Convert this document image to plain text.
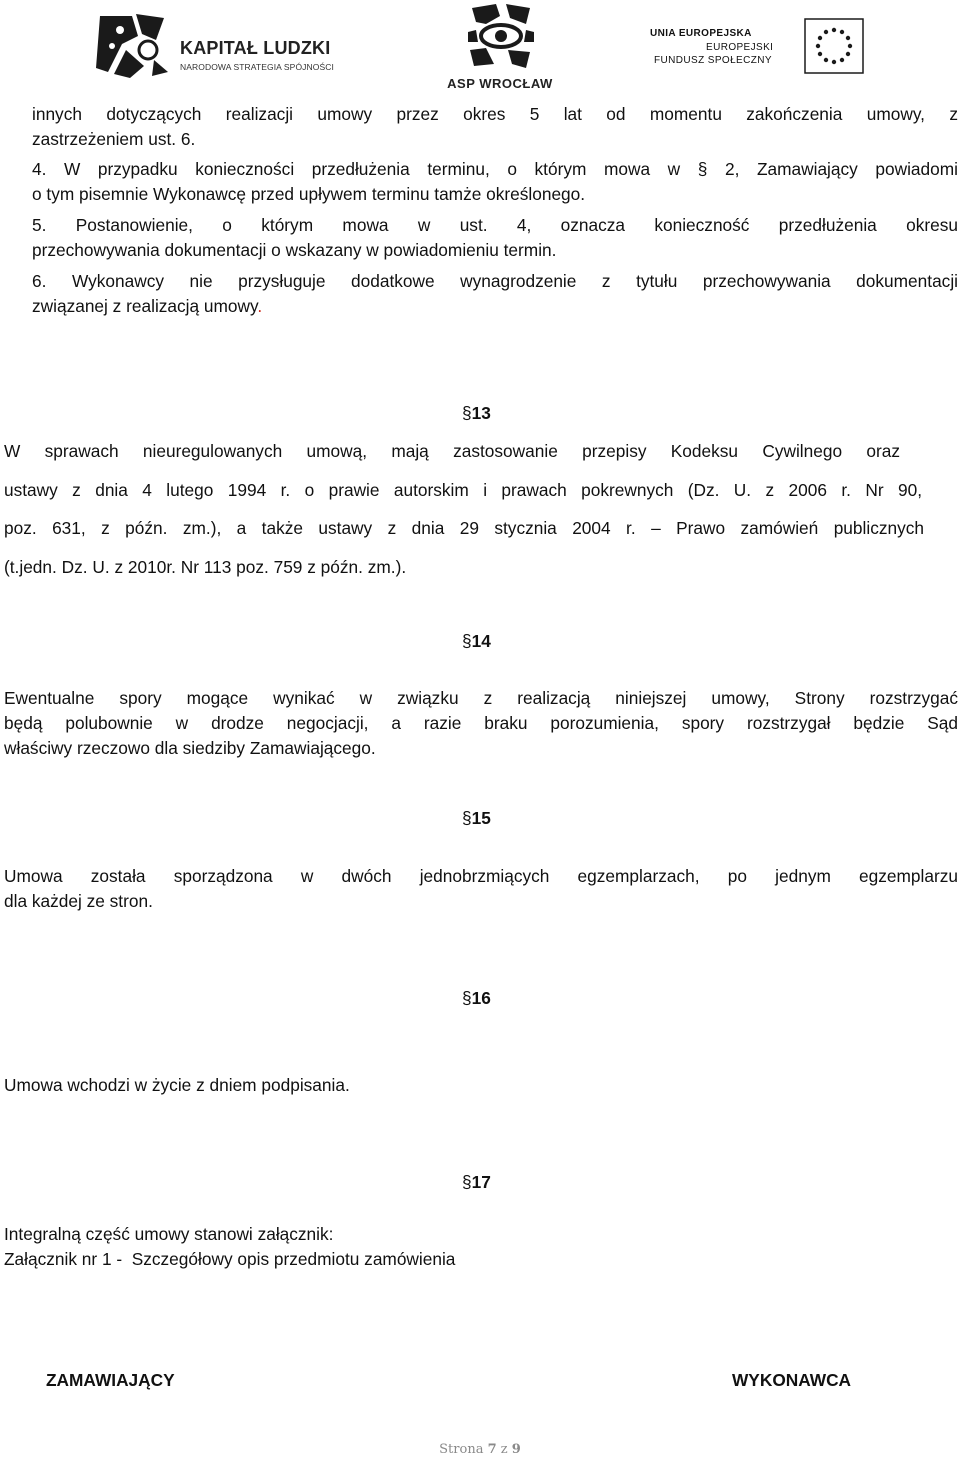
KAPITAŁ LUDZKI
NARODOWA STRATEGIA SPÓJNOŚCI
ASP WROCŁAW
UNIA EUROPEJSKA
EUROPEJSKI
FUNDUSZ SPOŁECZNY
innych dotyczących realizacji umowy przez okres 5 lat od momentu zakończenia umowy, z
zastrzeżeniem ust. 6.
4. W przypadku konieczności przedłużenia terminu, o którym mowa w § 2, Zamawiający powiadomi
o tym pisemnie Wykonawcę przed upływem terminu tamże określonego.
5. Postanowienie, o którym mowa w ust. 4, oznacza konieczność przedłużenia okresu
przechowywania dokumentacji o wskazany w powiadomieniu termin.
6. Wykonawcy nie przysługuje dodatkowe wynagrodzenie z tytułu przechowywania dokumentacji
związanej z realizacją umowy.
§13
W sprawach nieuregulowanych umową, mają zastosowanie przepisy Kodeksu Cywilnego oraz
ustawy z dnia 4 lutego 1994 r. o prawie autorskim i prawach pokrewnych (Dz. U. z 2006 r. Nr 90,
poz. 631, z późn. zm.), a także ustawy z dnia 29 stycznia 2004 r. – Prawo zamówień publicznych
(t.jedn. Dz. U. z 2010r. Nr 113 poz. 759 z późn. zm.).
§14
Ewentualne spory mogące wynikać w związku z realizacją niniejszej umowy, Strony rozstrzygać
będą polubownie w drodze negocjacji, a razie braku porozumienia, spory rozstrzygał będzie Sąd
właściwy rzeczowo dla siedziby Zamawiającego.
§15
Umowa została sporządzona w dwóch jednobrzmiących egzemplarzach, po jednym egzemplarzu
dla każdej ze stron.
§16
Umowa wchodzi w życie z dniem podpisania.
§17
Integralną część umowy stanowi załącznik:
Załącznik nr 1 -  Szczegółowy opis przedmiotu zamówienia
ZAMAWIAJĄCY	WYKONAWCA
Strona 7 z 9
